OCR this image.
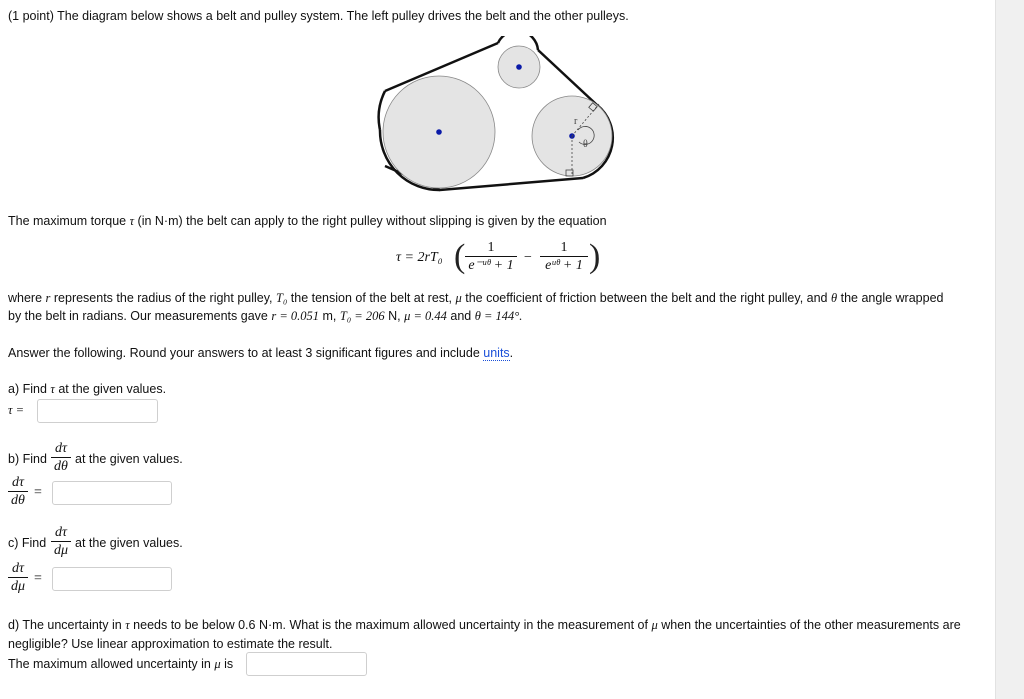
(1 point) The diagram below shows a belt and pulley system. The left pulley drives the belt and the other pulleys.
r
θ
The maximum torque τ (in N·m) the belt can apply to the right pulley without slipping is given by the equation
τ = 2rT₀ ( $\frac{1}{\text{e⁻ᵘᶿ + 1}}$ −
1
eᵘᶿ + 1 )
where r represents the radius of the right pulley, T₀ the tension of the belt at rest, μ the coefficient of friction between the belt and the right pulley, and θ the angle wrapped
by the belt in radians. Our measurements gave r = 0.051 m, T₀ = 206 N, μ = 0.44 and θ = 144°.
Answer the following. Round your answers to at least 3 significant figures and include units.
a) Find τ at the given values.
τ =
b) Find $\frac{d\tau}{d\theta}$ at the given values.
$\frac{d\tau}{d\theta}$ =
c) Find $\frac{d\tau}{d\mu}$ at the given values.
$\frac{d\tau}{d\mu}$ =
d) The uncertainty in τ needs to be below 0.6 N·m. What is the maximum allowed uncertainty in the measurement of μ when the uncertainties of the other measurements are
negligible? Use linear approximation to estimate the result.
The maximum allowed uncertainty in μ is
